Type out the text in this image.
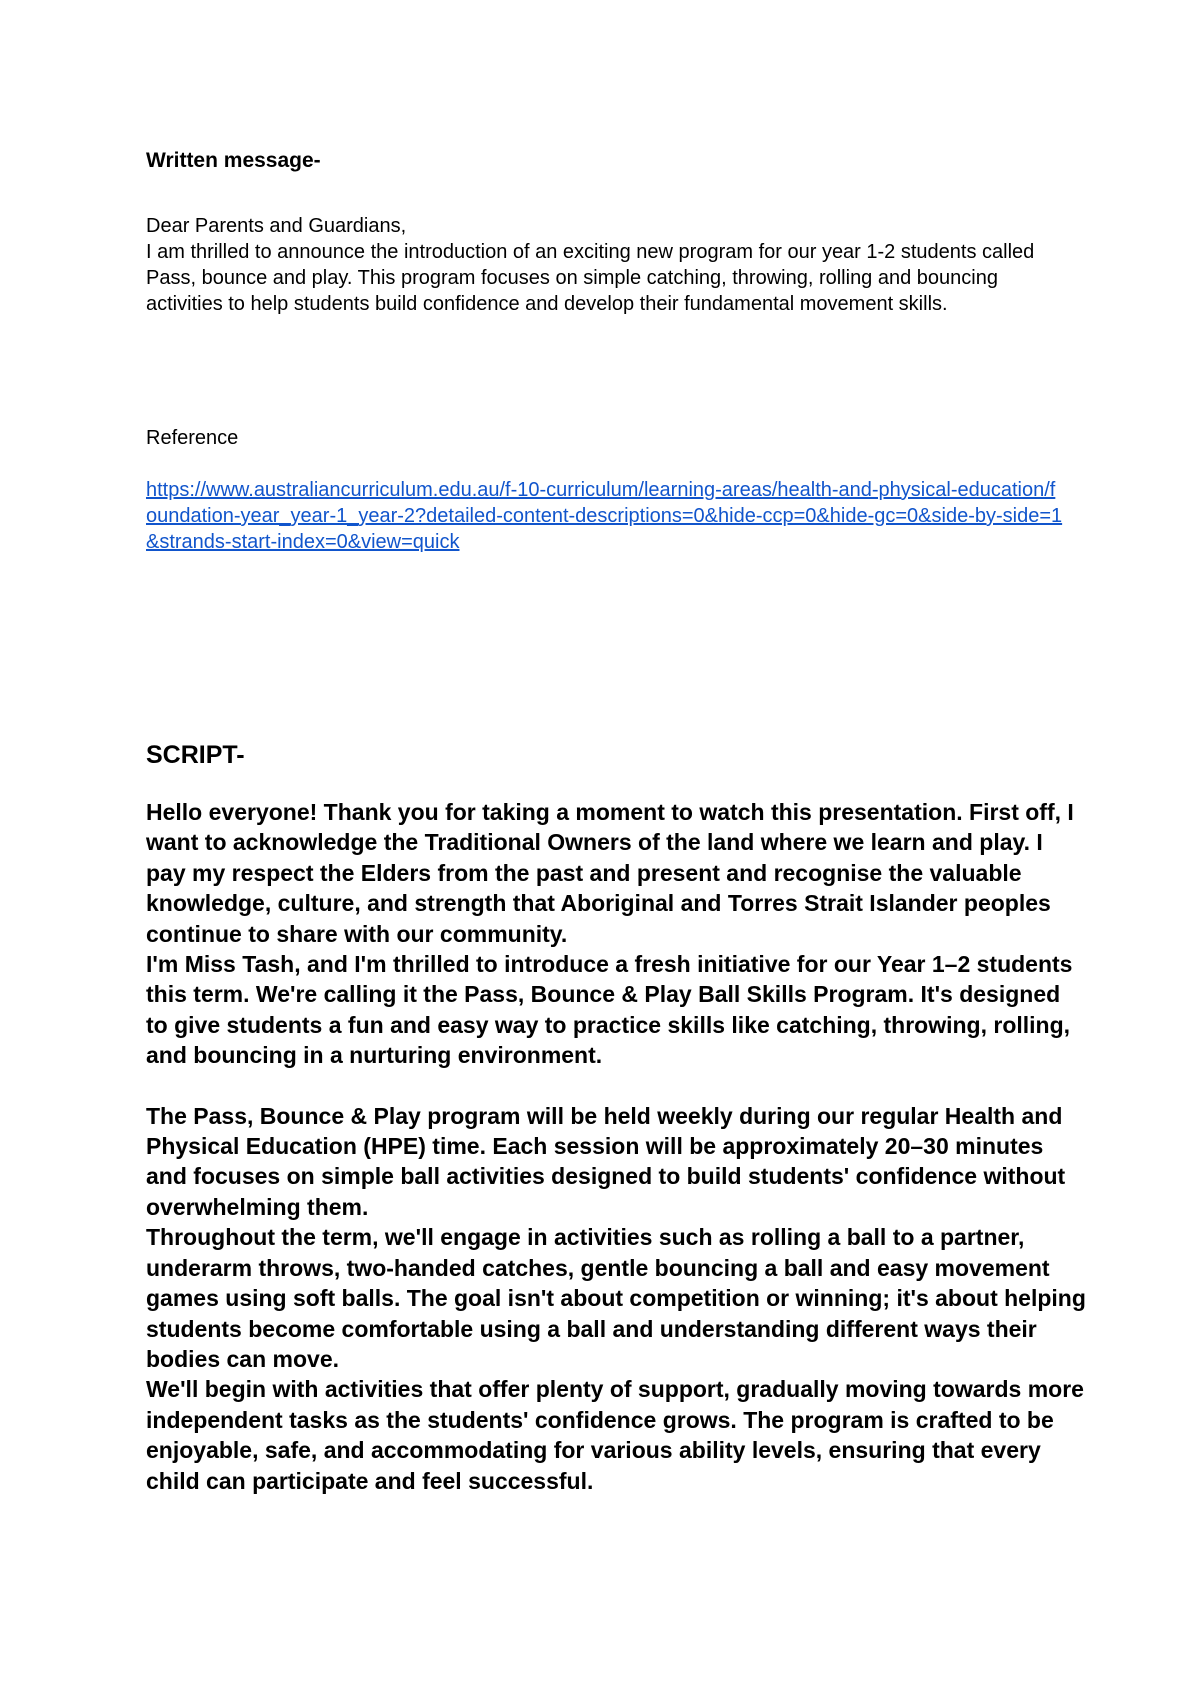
Written message-

Dear Parents and Guardians,

I am thrilled to announce the introduction of an exciting new program for our year 1-2 students called Pass, bounce and play. This program focuses on simple catching, throwing, rolling and bouncing activities to help students build confidence and develop their fundamental movement skills.

Reference

https://www.australiancurriculum.edu.au/f-10-curriculum/learning-areas/health-and-physical-education/foundation-year_year-1_year-2?detailed-content-descriptions=0&hide-ccp=0&hide-gc=0&side-by-side=1&strands-start-index=0&view=quick

SCRIPT-

Hello everyone! Thank you for taking a moment to watch this presentation. First off, I want to acknowledge the Traditional Owners of the land where we learn and play. I pay my respect the Elders from the past and present and recognise the valuable knowledge, culture, and strength that Aboriginal and Torres Strait Islander peoples continue to share with our community.

I'm Miss Tash, and I'm thrilled to introduce a fresh initiative for our Year 1–2 students this term. We're calling it the Pass, Bounce & Play Ball Skills Program. It's designed to give students a fun and easy way to practice skills like catching, throwing, rolling, and bouncing in a nurturing environment.

The Pass, Bounce & Play program will be held weekly during our regular Health and Physical Education (HPE) time. Each session will be approximately 20–30 minutes and focuses on simple ball activities designed to build students' confidence without overwhelming them.

Throughout the term, we'll engage in activities such as rolling a ball to a partner, underarm throws, two-handed catches, gentle bouncing a ball and easy movement games using soft balls. The goal isn't about competition or winning; it's about helping students become comfortable using a ball and understanding different ways their bodies can move.

We'll begin with activities that offer plenty of support, gradually moving towards more independent tasks as the students' confidence grows. The program is crafted to be enjoyable, safe, and accommodating for various ability levels, ensuring that every child can participate and feel successful.
